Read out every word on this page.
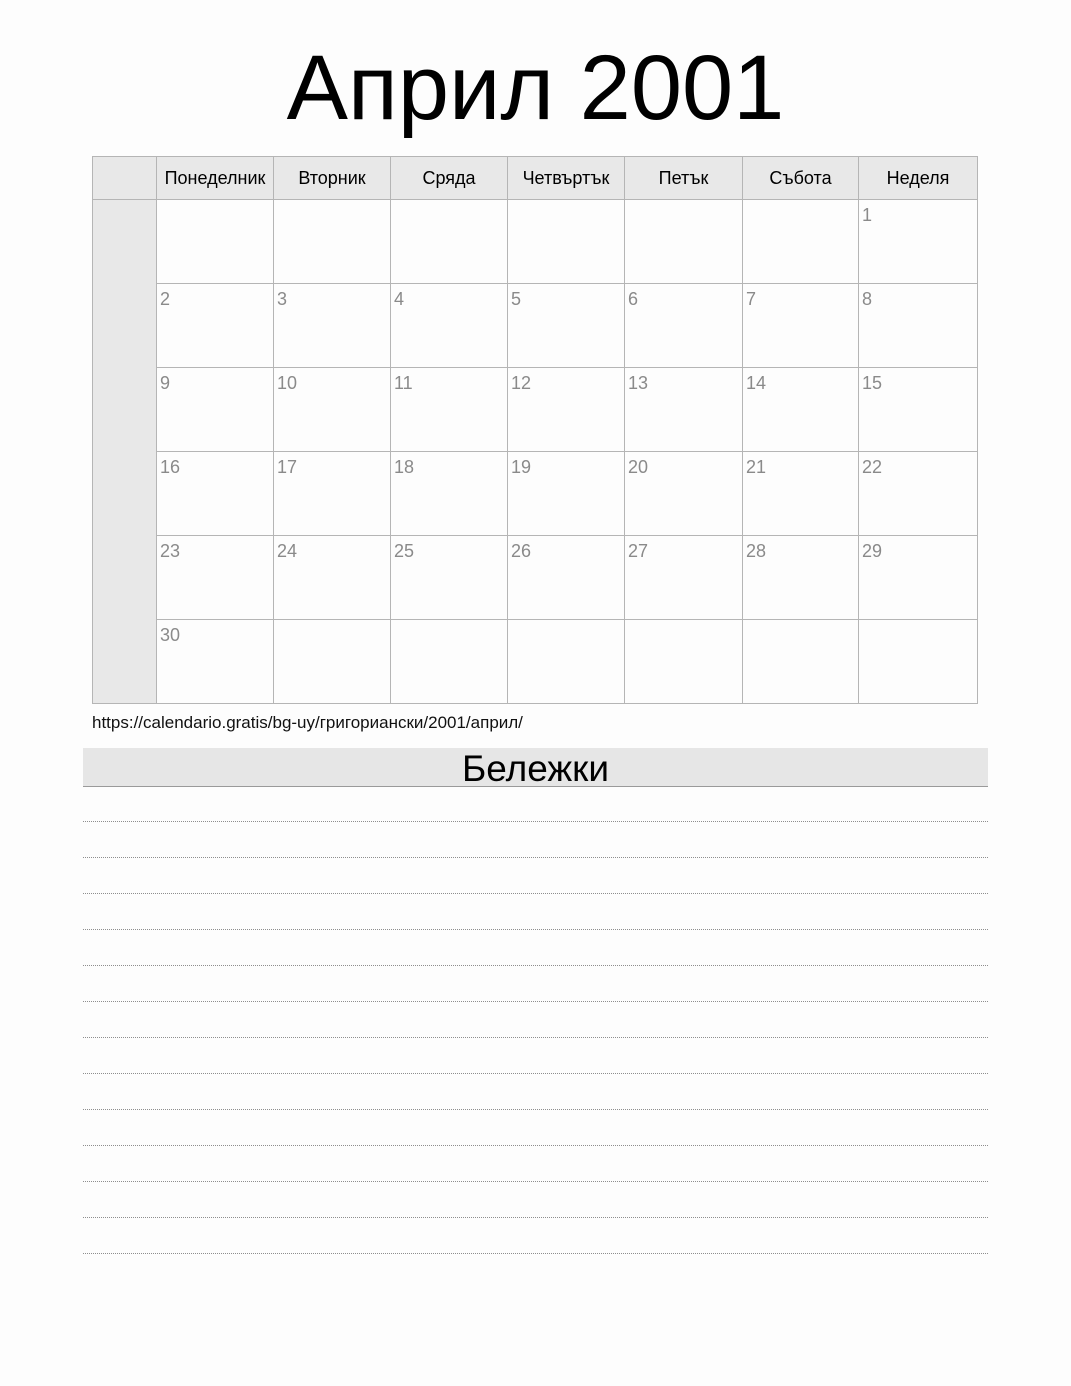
Април 2001
	Понеделник	Вторник	Сряда	Четвъртък	Петък	Събота	Неделя

							1

	2	3	4	5	6	7	8

	9	10	11	12	13	14	15

	16	17	18	19	20	21	22

	23	24	25	26	27	28	29

	30						

https://calendario.gratis/bg-uy/григориански/2001/април/
Бележки
